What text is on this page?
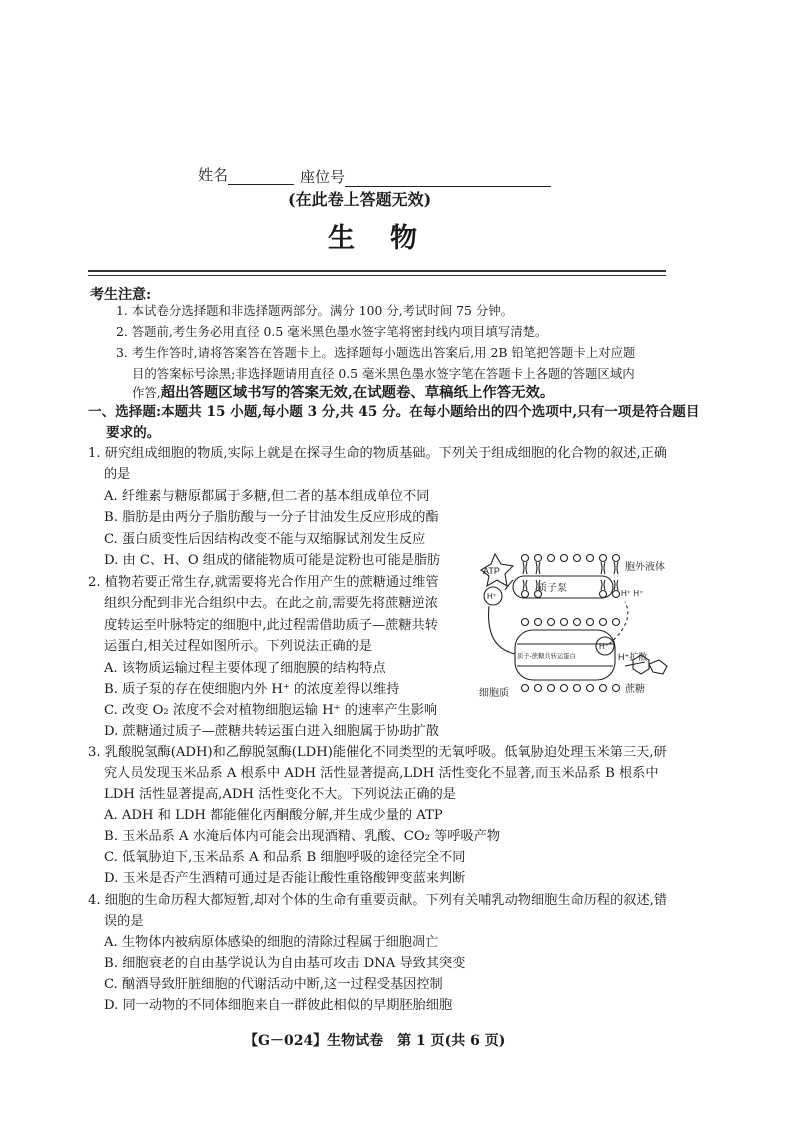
姓名	座位号
(在此卷上答题无效)
生　物
考生注意:
1. 本试卷分选择题和非选择题两部分。满分 100 分,考试时间 75 分钟。
2. 答题前,考生务必用直径 0.5 毫米黑色墨水签字笔将密封线内项目填写清楚。
3. 考生作答时,请将答案答在答题卡上。选择题每小题选出答案后,用 2B 铅笔把答题卡上对应题
目的答案标号涂黑;非选择题请用直径 0.5 毫米黑色墨水签字笔在答题卡上各题的答题区域内
作答,超出答题区域书写的答案无效,在试题卷、草稿纸上作答无效。
一、选择题:本题共 15 小题,每小题 3 分,共 45 分。在每小题给出的四个选项中,只有一项是符合题目
要求的。
1. 研究组成细胞的物质,实际上就是在探寻生命的物质基础。下列关于组成细胞的化合物的叙述,正确
的是
A. 纤维素与糖原都属于多糖,但二者的基本组成单位不同
B. 脂肪是由两分子脂肪酸与一分子甘油发生反应形成的酯
C. 蛋白质变性后因结构改变不能与双缩脲试剂发生反应
D. 由 C、H、O 组成的储能物质可能是淀粉也可能是脂肪
2. 植物若要正常生存,就需要将光合作用产生的蔗糖通过维管
组织分配到非光合组织中去。在此之前,需要先将蔗糖逆浓
度转运至叶脉特定的细胞中,此过程需借助质子—蔗糖共转
运蛋白,相关过程如图所示。下列说法正确的是
A. 该物质运输过程主要体现了细胞膜的结构特点
B. 质子泵的存在使细胞内外 H⁺ 的浓度差得以维持
C. 改变 O₂ 浓度不会对植物细胞运输 H⁺ 的速率产生影响
D. 蔗糖通过质子—蔗糖共转运蛋白进入细胞属于协助扩散
ATP
H⁺
质子泵
胞外液体
H⁺ H⁺
质子-蔗糖共转运蛋白
H⁺
H⁺扩散
细胞质	蔗糖
3. 乳酸脱氢酶(ADH)和乙醇脱氢酶(LDH)能催化不同类型的无氧呼吸。低氧胁迫处理玉米第三天,研
究人员发现玉米品系 A 根系中 ADH 活性显著提高,LDH 活性变化不显著,而玉米品系 B 根系中
LDH 活性显著提高,ADH 活性变化不大。下列说法正确的是
A. ADH 和 LDH 都能催化丙酮酸分解,并生成少量的 ATP
B. 玉米品系 A 水淹后体内可能会出现酒精、乳酸、CO₂ 等呼吸产物
C. 低氧胁迫下,玉米品系 A 和品系 B 细胞呼吸的途径完全不同
D. 玉米是否产生酒精可通过是否能让酸性重铬酸钾变蓝来判断
4. 细胞的生命历程大都短暂,却对个体的生命有重要贡献。下列有关哺乳动物细胞生命历程的叙述,错
误的是
A. 生物体内被病原体感染的细胞的清除过程属于细胞凋亡
B. 细胞衰老的自由基学说认为自由基可攻击 DNA 导致其突变
C. 酗酒导致肝脏细胞的代谢活动中断,这一过程受基因控制
D. 同一动物的不同体细胞来自一群彼此相似的早期胚胎细胞
【G－024】生物试卷　第 1 页(共 6 页)
